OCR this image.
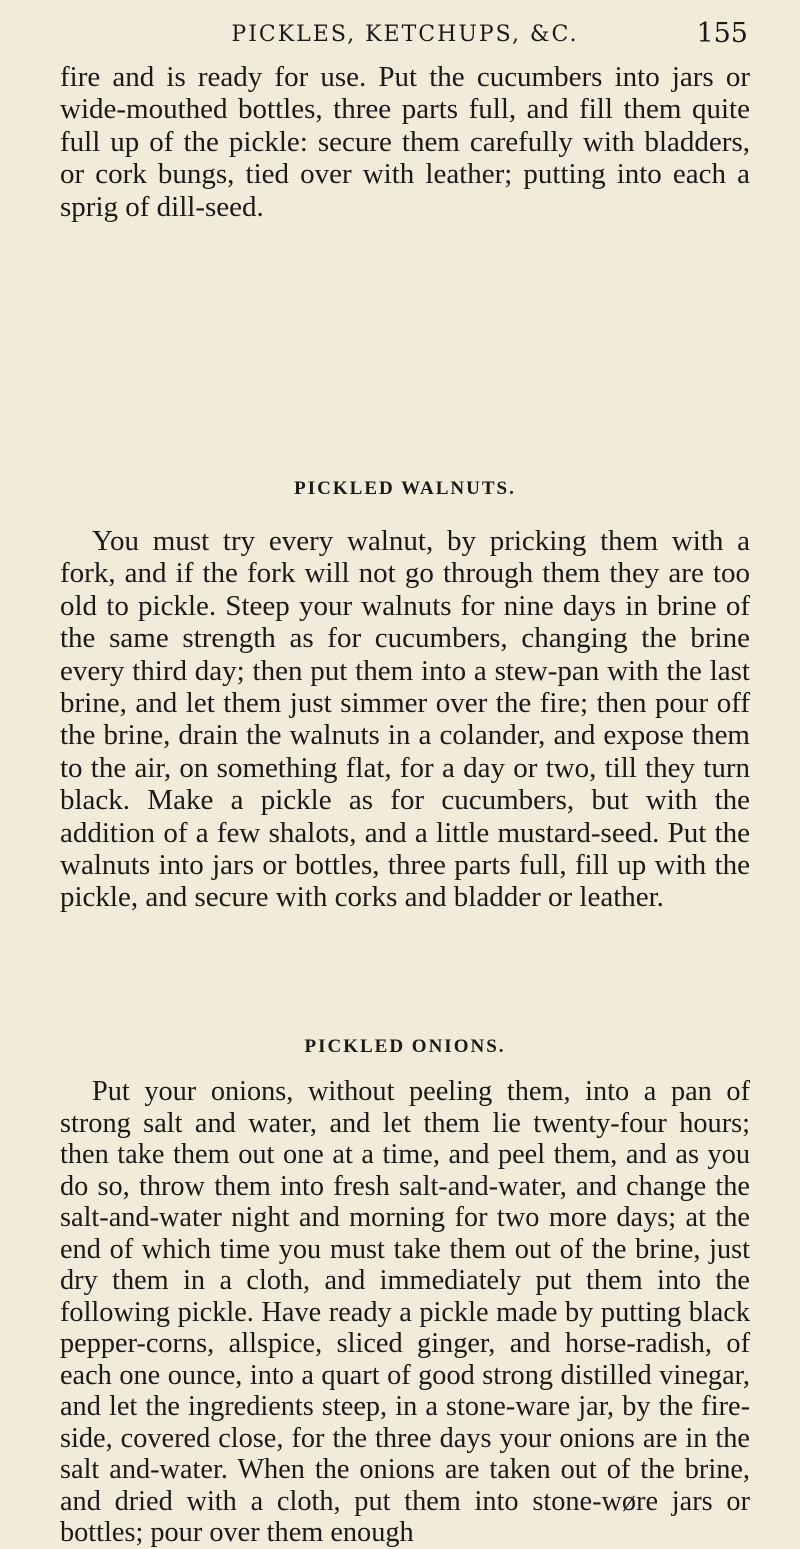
PICKLES, KETCHUPS, &C.	155

fire and is ready for use. Put the cucumbers into jars or wide-mouthed bottles, three parts full, and fill them quite full up of the pickle: secure them carefully with bladders, or cork bungs, tied over with leather; putting into each a sprig of dill-seed.

PICKLED WALNUTS.

You must try every walnut, by pricking them with a fork, and if the fork will not go through them they are too old to pickle. Steep your walnuts for nine days in brine of the same strength as for cucumbers, changing the brine every third day; then put them into a stew-pan with the last brine, and let them just simmer over the fire; then pour off the brine, drain the walnuts in a colander, and expose them to the air, on something flat, for a day or two, till they turn black. Make a pickle as for cucumbers, but with the addition of a few shalots, and a little mustard-seed. Put the walnuts into jars or bottles, three parts full, fill up with the pickle, and secure with corks and bladder or leather.

PICKLED ONIONS.

Put your onions, without peeling them, into a pan of strong salt and water, and let them lie twenty-four hours; then take them out one at a time, and peel them, and as you do so, throw them into fresh salt-and-water, and change the salt-and-water night and morning for two more days; at the end of which time you must take them out of the brine, just dry them in a cloth, and immediately put them into the following pickle. Have ready a pickle made by putting black pepper-corns, allspice, sliced ginger, and horse-radish, of each one ounce, into a quart of good strong distilled vinegar, and let the ingredients steep, in a stone-ware jar, by the fire-side, covered close, for the three days your onions are in the salt and-water. When the onions are taken out of the brine, and dried with a cloth, put them into stone-wøre jars or bottles; pour over them enough
